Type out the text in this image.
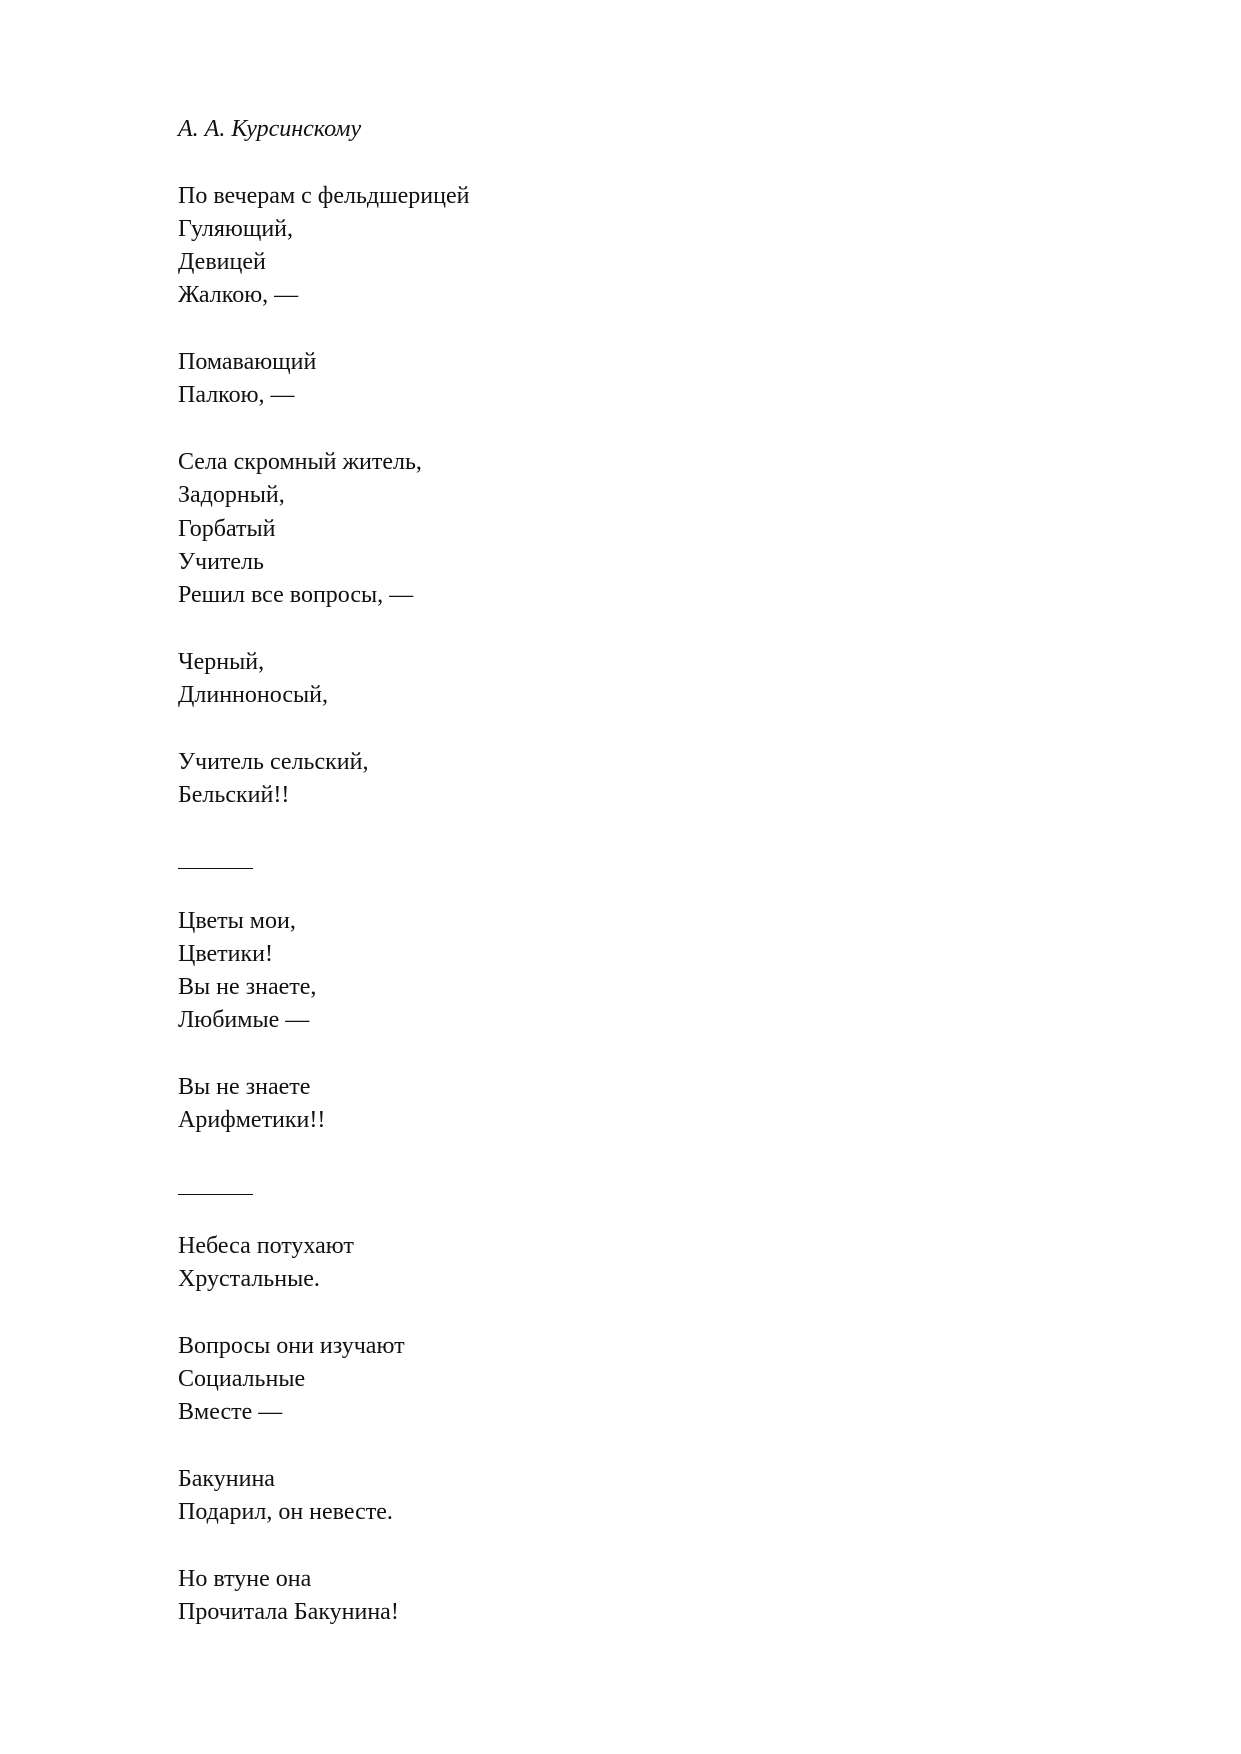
А. А. Курсинскому
По вечерам с фельдшерицей
Гуляющий,
Девицей
Жалкою, —
Помавающий
Палкою, —
Села скромный житель,
Задорный,
Горбатый
Учитель
Решил все вопросы, —
Черный,
Длинноносый,
Учитель сельский,
Бельский!!
Цветы мои,
Цветики!
Вы не знаете,
Любимые —
Вы не знаете
Арифметики!!
Небеса потухают
Хрустальные.
Вопросы они изучают
Социальные
Вместе —
Бакунина
Подарил, он невесте.
Но втуне она
Прочитала Бакунина!
